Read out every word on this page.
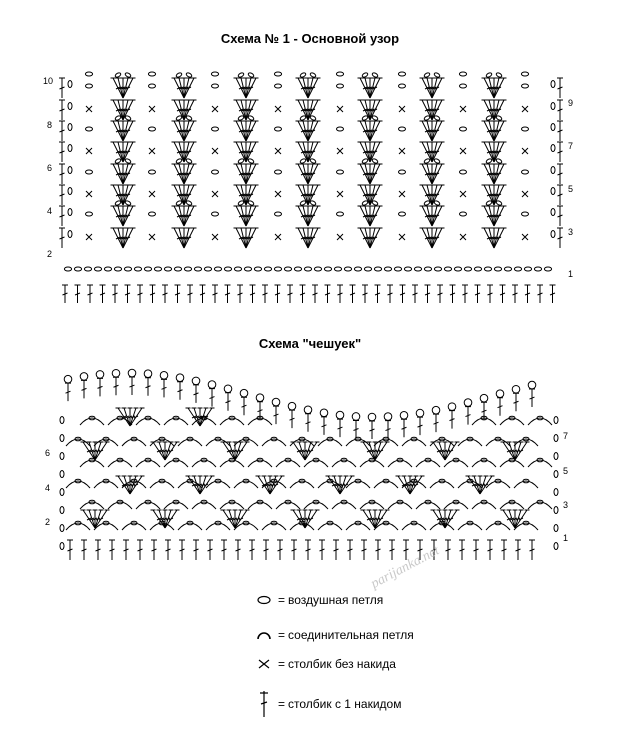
Схема № 1 - Основной узор
Схема "чешуек"
10
8
6
4
2
9
7
5
3
1
6
4
2
7
5
3
1
parijanka.net
= воздушная петля
= соединительная петля
= столбик без накида
= столбик с 1 накидом
